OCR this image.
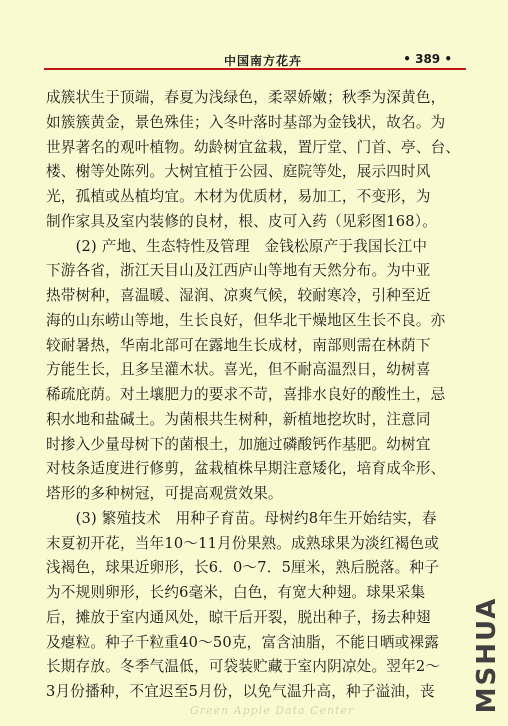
中国南方花卉	• 389 •
成簇状生于顶端，春夏为浅绿色，柔翠娇嫩；秋季为深黄色，
如簇簇黄金，景色殊佳；入冬叶落时基部为金钱状，故名。为
世界著名的观叶植物。幼龄树宜盆栽，置厅堂、门首、亭、台、
楼、榭等处陈列。大树宜植于公园、庭院等处，展示四时风
光，孤植或丛植均宜。木材为优质材，易加工，不变形，为
制作家具及室内装修的良材，根、皮可入药（见彩图168）。
　　(2) 产地、生态特性及管理　金钱松原产于我国长江中
下游各省，浙江天目山及江西庐山等地有天然分布。为中亚
热带树种，喜温暖、湿润、凉爽气候，较耐寒冷，引种至近
海的山东崂山等地，生长良好，但华北干燥地区生长不良。亦
较耐暑热，华南北部可在露地生长成材，南部则需在林荫下
方能生长，且多呈灌木状。喜光，但不耐高温烈日，幼树喜
稀疏庇荫。对土壤肥力的要求不苛，喜排水良好的酸性土，忌
积水地和盐碱土。为菌根共生树种，新植地挖坎时，注意同
时掺入少量母树下的菌根土，加施过磷酸钙作基肥。幼树宜
对枝条适度进行修剪，盆栽植株早期注意矮化，培育成伞形、
塔形的多种树冠，可提高观赏效果。
　　(3) 繁殖技术　用种子育苗。母树约8年生开始结实，春
末夏初开花，当年10～11月份果熟。成熟球果为淡红褐色或
浅褐色，球果近卵形，长6．0～7．5厘米，熟后脱落。种子
为不规则卵形，长约6毫米，白色，有宽大种翅。球果采集
后，摊放于室内通风处，晾干后开裂，脱出种子，扬去种翅
及瘪粒。种子千粒重40～50克，富含油脂，不能日晒或裸露
长期存放。冬季气温低，可袋装贮藏于室内阴凉处。翌年2～
3月份播种，不宜迟至5月份，以免气温升高，种子溢油，丧
Green Apple Data Center	MSHUA
